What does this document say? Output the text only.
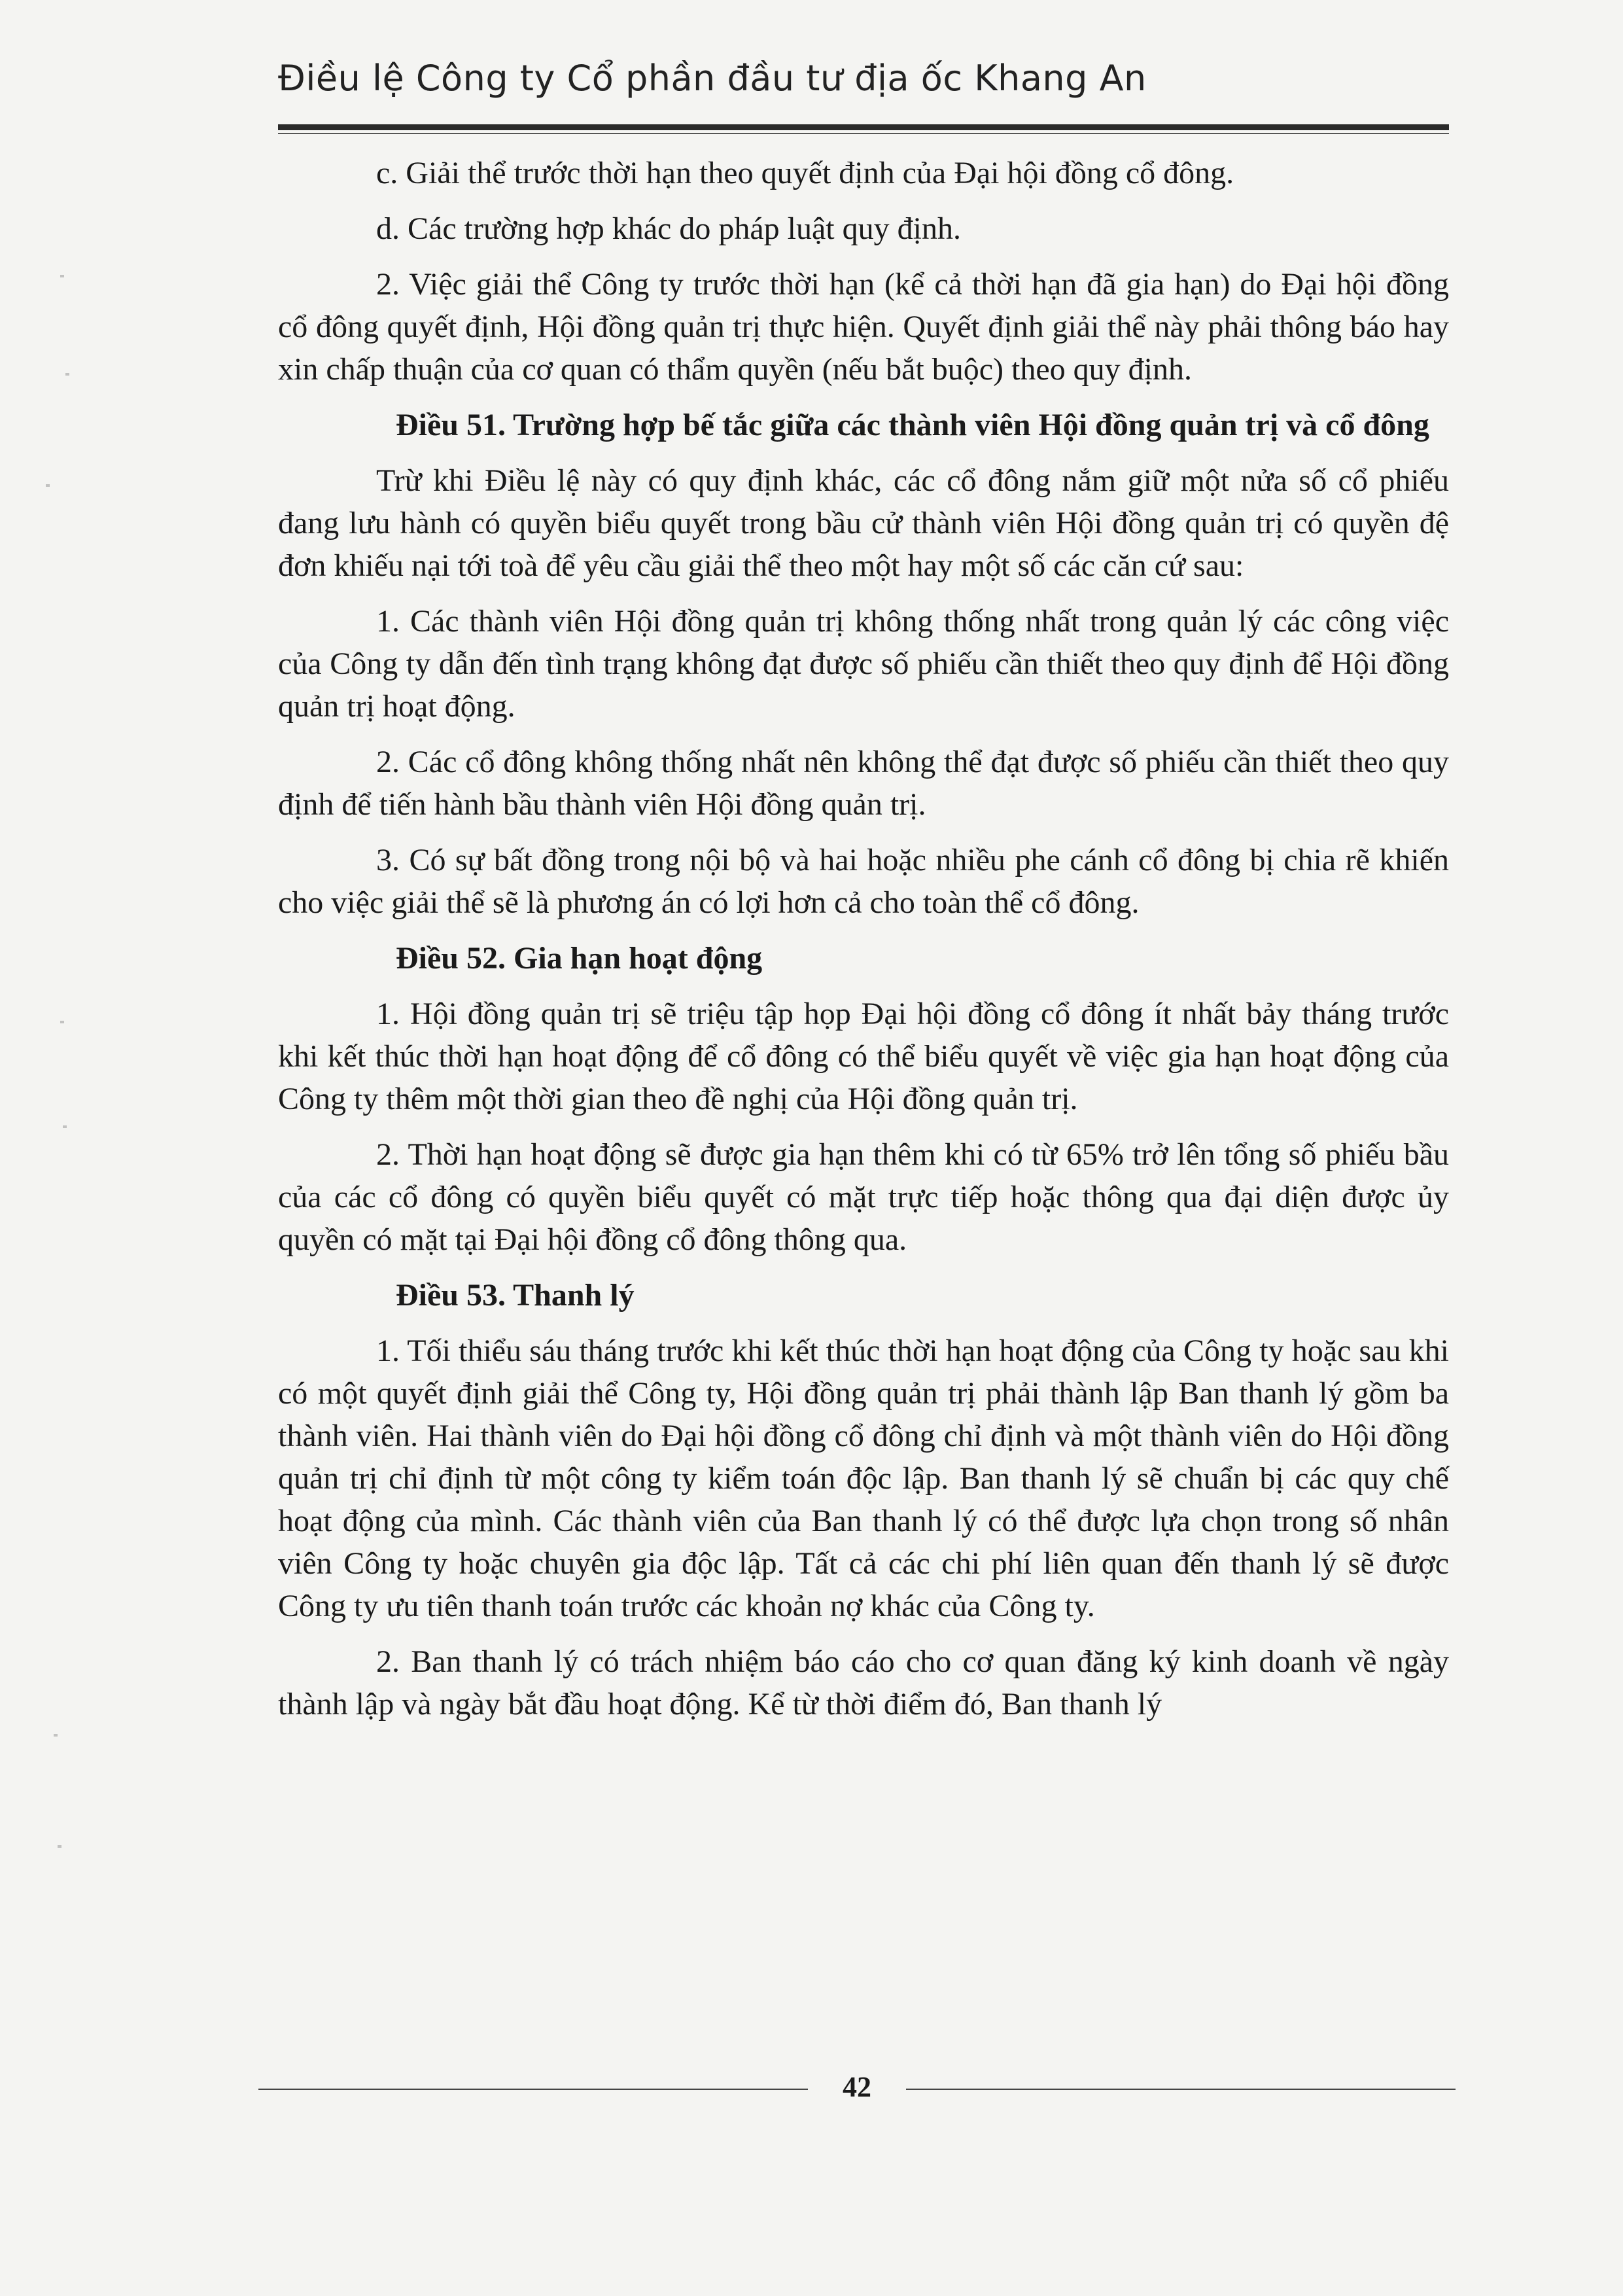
Điều lệ Công ty Cổ phần đầu tư địa ốc Khang An

c. Giải thể trước thời hạn theo quyết định của Đại hội đồng cổ đông.

d. Các trường hợp khác do pháp luật quy định.

2. Việc giải thể Công ty trước thời hạn (kể cả thời hạn đã gia hạn) do Đại hội đồng cổ đông quyết định, Hội đồng quản trị thực hiện. Quyết định giải thể này phải thông báo hay xin chấp thuận của cơ quan có thẩm quyền (nếu bắt buộc) theo quy định.

Điều 51. Trường hợp bế tắc giữa các thành viên Hội đồng quản trị và cổ đông

Trừ khi Điều lệ này có quy định khác, các cổ đông nắm giữ một nửa số cổ phiếu đang lưu hành có quyền biểu quyết trong bầu cử thành viên Hội đồng quản trị có quyền đệ đơn khiếu nại tới toà để yêu cầu giải thể theo một hay một số các căn cứ sau:

1. Các thành viên Hội đồng quản trị không thống nhất trong quản lý các công việc của Công ty dẫn đến tình trạng không đạt được số phiếu cần thiết theo quy định để Hội đồng quản trị hoạt động.

2. Các cổ đông không thống nhất nên không thể đạt được số phiếu cần thiết theo quy định để tiến hành bầu thành viên Hội đồng quản trị.

3. Có sự bất đồng trong nội bộ và hai hoặc nhiều phe cánh cổ đông bị chia rẽ khiến cho việc giải thể sẽ là phương án có lợi hơn cả cho toàn thể cổ đông.

Điều 52. Gia hạn hoạt động

1. Hội đồng quản trị sẽ triệu tập họp Đại hội đồng cổ đông ít nhất bảy tháng trước khi kết thúc thời hạn hoạt động để cổ đông có thể biểu quyết về việc gia hạn hoạt động của Công ty thêm một thời gian theo đề nghị của Hội đồng quản trị.

2. Thời hạn hoạt động sẽ được gia hạn thêm khi có từ 65% trở lên tổng số phiếu bầu của các cổ đông có quyền biểu quyết có mặt trực tiếp hoặc thông qua đại diện được ủy quyền có mặt tại Đại hội đồng cổ đông thông qua.

Điều 53. Thanh lý

1. Tối thiểu sáu tháng trước khi kết thúc thời hạn hoạt động của Công ty hoặc sau khi có một quyết định giải thể Công ty, Hội đồng quản trị phải thành lập Ban thanh lý gồm ba thành viên. Hai thành viên do Đại hội đồng cổ đông chỉ định và một thành viên do Hội đồng quản trị chỉ định từ một công ty kiểm toán độc lập. Ban thanh lý sẽ chuẩn bị các quy chế hoạt động của mình. Các thành viên của Ban thanh lý có thể được lựa chọn trong số nhân viên Công ty hoặc chuyên gia độc lập. Tất cả các chi phí liên quan đến thanh lý sẽ được Công ty ưu tiên thanh toán trước các khoản nợ khác của Công ty.

2. Ban thanh lý có trách nhiệm báo cáo cho cơ quan đăng ký kinh doanh về ngày thành lập và ngày bắt đầu hoạt động. Kể từ thời điểm đó, Ban thanh lý

42
